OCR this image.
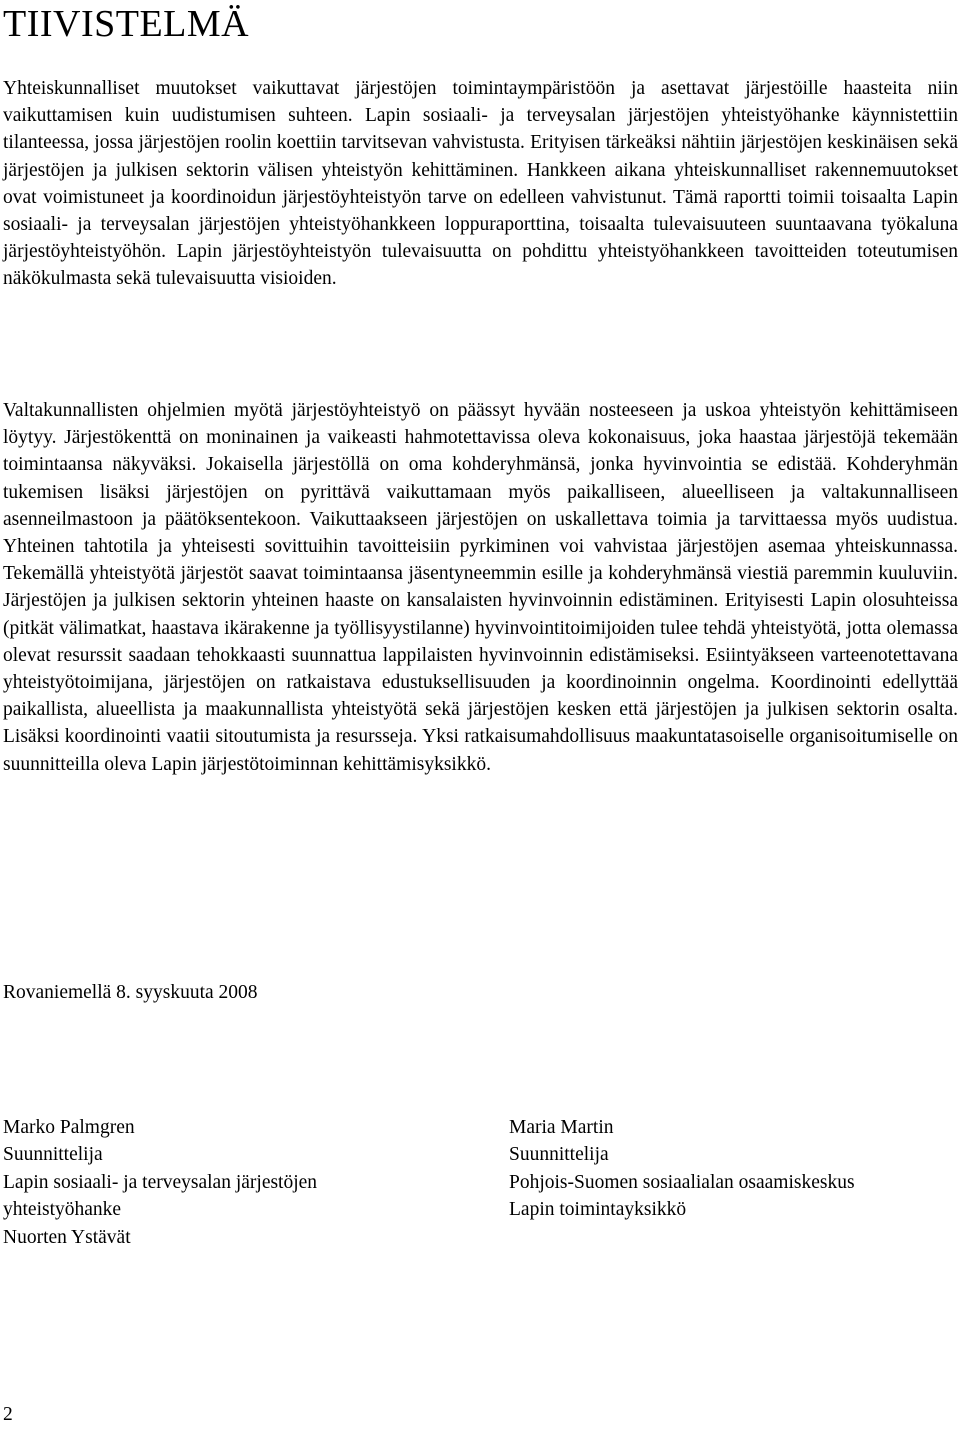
TIIVISTELMÄ

Yhteiskunnalliset muutokset vaikuttavat järjestöjen toimintaympäristöön ja asettavat järjestöille haasteita niin vaikuttamisen kuin uudistumisen suhteen. Lapin sosiaali- ja terveysalan järjestöjen yhteistyöhanke käynnistettiin tilanteessa, jossa järjestöjen roolin koettiin tarvitsevan vahvistusta. Erityisen tärkeäksi nähtiin järjestöjen keskinäisen sekä järjestöjen ja julkisen sektorin välisen yhteistyön kehittäminen. Hankkeen aikana yhteiskunnalliset rakennemuutokset ovat voimistuneet ja koordinoidun järjestöyhteistyön tarve on edelleen vahvistunut. Tämä raportti toimii toisaalta Lapin sosiaali- ja terveysalan järjestöjen yhteistyöhankkeen loppuraporttina, toisaalta tulevaisuuteen suuntaavana työkaluna järjestöyhteistyöhön. Lapin järjestöyhteistyön tulevaisuutta on pohdittu yhteistyöhankkeen tavoitteiden toteutumisen näkökulmasta sekä tulevaisuutta visioiden.

Valtakunnallisten ohjelmien myötä järjestöyhteistyö on päässyt hyvään nosteeseen ja uskoa yhteistyön kehittämiseen löytyy. Järjestökenttä on moninainen ja vaikeasti hahmotettavissa oleva kokonaisuus, joka haastaa järjestöjä tekemään toimintaansa näkyväksi. Jokaisella järjestöllä on oma kohderyhmänsä, jonka hyvinvointia se edistää. Kohderyhmän tukemisen lisäksi järjestöjen on pyrittävä vaikuttamaan myös paikalliseen, alueelliseen ja valtakunnalliseen asenneilmastoon ja päätöksentekoon. Vaikuttaakseen järjestöjen on uskallettava toimia ja tarvittaessa myös uudistua. Yhteinen tahtotila ja yhteisesti sovittuihin tavoitteisiin pyrkiminen voi vahvistaa järjestöjen asemaa yhteiskunnassa. Tekemällä yhteistyötä järjestöt saavat toimintaansa jäsentyneemmin esille ja kohderyhmänsä viestiä paremmin kuuluviin. Järjestöjen ja julkisen sektorin yhteinen haaste on kansalaisten hyvinvoinnin edistäminen. Erityisesti Lapin olosuhteissa (pitkät välimatkat, haastava ikärakenne ja työllisyystilanne) hyvinvointitoimijoiden tulee tehdä yhteistyötä, jotta olemassa olevat resurssit saadaan tehokkaasti suunnattua lappilaisten hyvinvoinnin edistämiseksi. Esiintyäkseen varteenotettavana yhteistyötoimijana, järjestöjen on ratkaistava edustuksellisuuden ja koordinoinnin ongelma. Koordinointi edellyttää paikallista, alueellista ja maakunnallista yhteistyötä sekä järjestöjen kesken että järjestöjen ja julkisen sektorin osalta. Lisäksi koordinointi vaatii sitoutumista ja resursseja. Yksi ratkaisumahdollisuus maakuntatasoiselle organisoitumiselle on suunnitteilla oleva Lapin järjestötoiminnan kehittämisyksikkö.

Rovaniemellä 8. syyskuuta 2008

Marko Palmgren
Suunnittelija
Lapin sosiaali- ja terveysalan järjestöjen
yhteistyöhanke
Nuorten Ystävät
Maria Martin
Suunnittelija
Pohjois-Suomen sosiaalialan osaamiskeskus
Lapin toimintayksikkö

2
